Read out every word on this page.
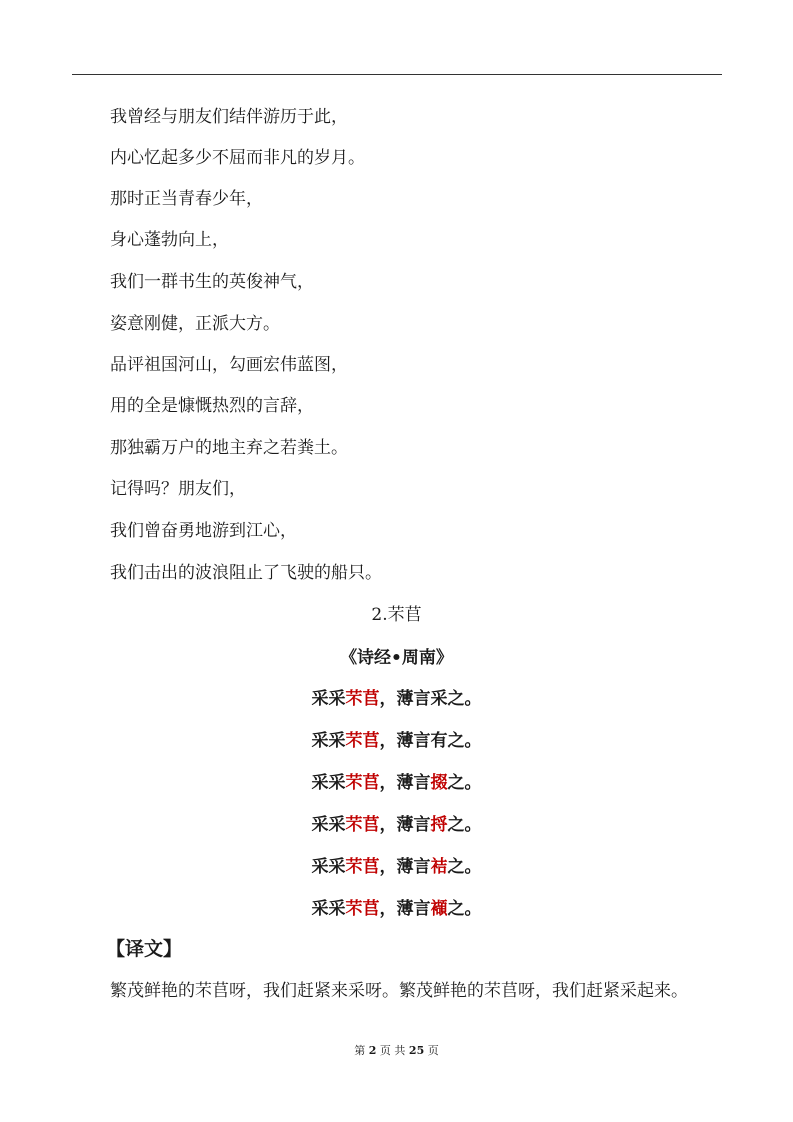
我曾经与朋友们结伴游历于此，
内心忆起多少不屈而非凡的岁月。
那时正当青春少年，
身心蓬勃向上，
我们一群书生的英俊神气，
姿意刚健，正派大方。
品评祖国河山，勾画宏伟蓝图，
用的全是慷慨热烈的言辞，
那独霸万户的地主弃之若粪土。
记得吗？朋友们，
我们曾奋勇地游到江心，
我们击出的波浪阻止了飞驶的船只。
2.芣苢
《诗经•周南》
采采芣苢，薄言采之。
采采芣苢，薄言有之。
采采芣苢，薄言掇之。
采采芣苢，薄言捋之。
采采芣苢，薄言袺之。
采采芣苢，薄言襭之。
【译文】
繁茂鲜艳的芣苢呀，我们赶紧来采呀。繁茂鲜艳的芣苢呀，我们赶紧采起来。
第 2 页 共 25 页
